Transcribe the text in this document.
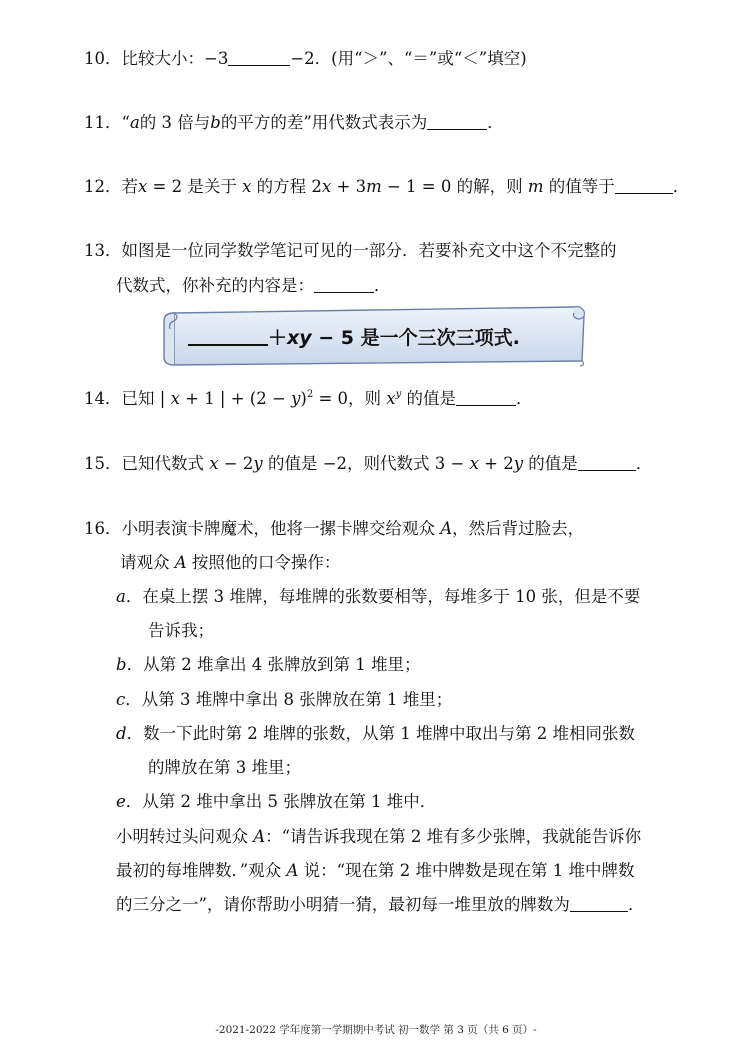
10．比较大小：−3	−2．(用“＞”、“＝”或“＜”填空)
11．“a的 3 倍与b的平方的差”用代数式表示为	．
12．若x = 2 是关于 x 的方程 2x + 3m − 1 = 0 的解，则 m 的值等于	．
13．如图是一位同学数学笔记可见的一部分．若要补充文中这个不完整的
代数式，你补充的内容是：	．
＋xy − 5 是一个三次三项式.
14．已知 | x + 1 | + $(2 - y)^2 = 0$，则 $x^y$ 的值是	．
15．已知代数式 x − 2y 的值是 −2，则代数式 3 − x + 2y 的值是	．
16．小明表演卡牌魔术，他将一摞卡牌交给观众 A，然后背过脸去，
请观众 A 按照他的口令操作：
a．在桌上摆 3 堆牌，每堆牌的张数要相等，每堆多于 10 张，但是不要
告诉我；
b．从第 2 堆拿出 4 张牌放到第 1 堆里；
c．从第 3 堆牌中拿出 8 张牌放在第 1 堆里；
d．数一下此时第 2 堆牌的张数，从第 1 堆牌中取出与第 2 堆相同张数
的牌放在第 3 堆里；
e．从第 2 堆中拿出 5 张牌放在第 1 堆中．
小明转过头问观众 A：“请告诉我现在第 2 堆有多少张牌，我就能告诉你
最初的每堆牌数．”观众 A 说：“现在第 2 堆中牌数是现在第 1 堆中牌数
的三分之一”，请你帮助小明猜一猜，最初每一堆里放的牌数为	．
-2021-2022 学年度第一学期期中考试 初一数学 第 3 页（共 6 页）-
